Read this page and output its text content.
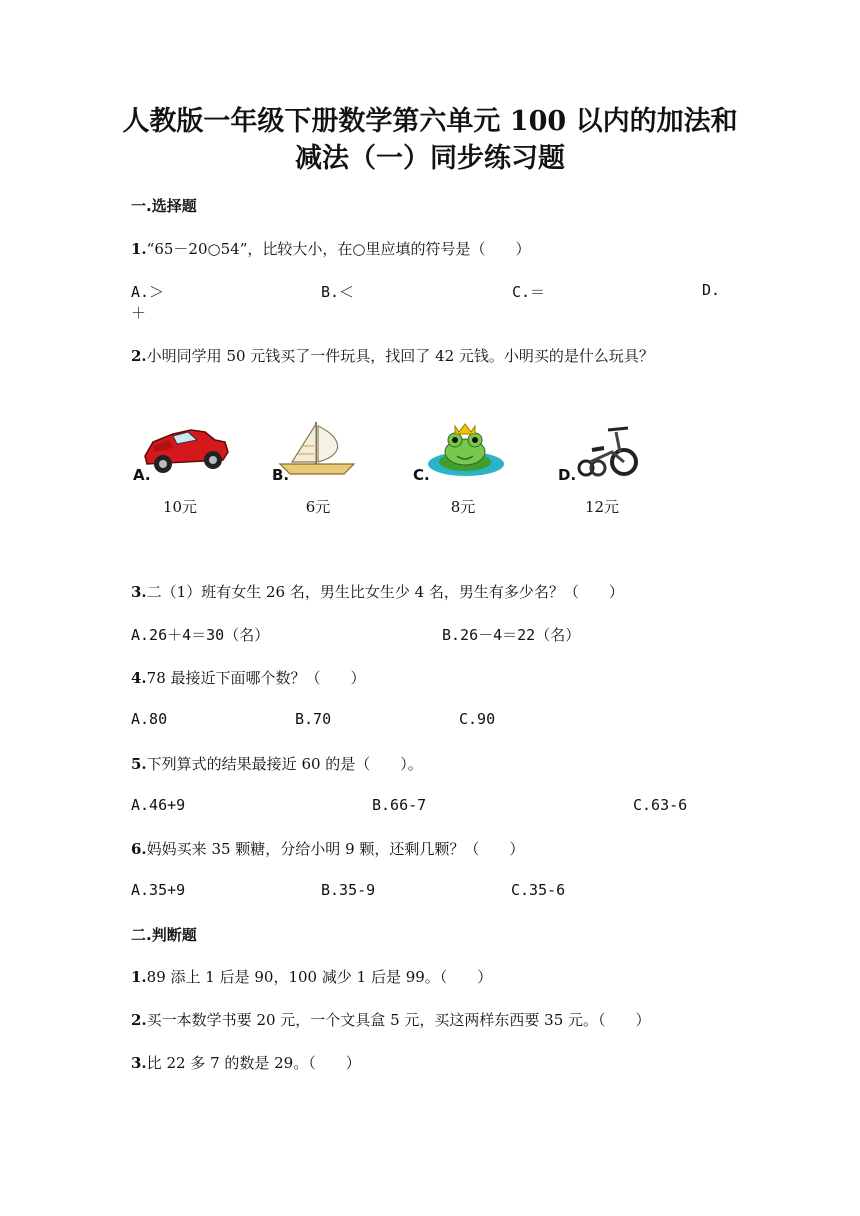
人教版一年级下册数学第六单元 100 以内的加法和
减法（一）同步练习题
一.选择题
1.“65－20○54”，比较大小，在○里应填的符号是（　　）
A.＞	B.＜	C.＝	D.
＋
2.小明同学用 50 元钱买了一件玩具，找回了 42 元钱。小明买的是什么玩具？
A.
10元
B.
6元
C.
8元
D.
12元
3.二（1）班有女生 26 名，男生比女生少 4 名，男生有多少名？（　　）
A.26＋4＝30（名）	B.26－4＝22（名）
4.78 最接近下面哪个数？（　　）
A.80	B.70	C.90
5.下列算式的结果最接近 60 的是（　　）。
A.46+9	B.66-7	C.63-6
6.妈妈买来 35 颗糖，分给小明 9 颗，还剩几颗？（　　）
A.35+9	B.35-9	C.35-6
二.判断题
1.89 添上 1 后是 90，100 减少 1 后是 99。（　　）
2.买一本数学书要 20 元，一个文具盒 5 元，买这两样东西要 35 元。（　　）
3.比 22 多 7 的数是 29。（　　）
